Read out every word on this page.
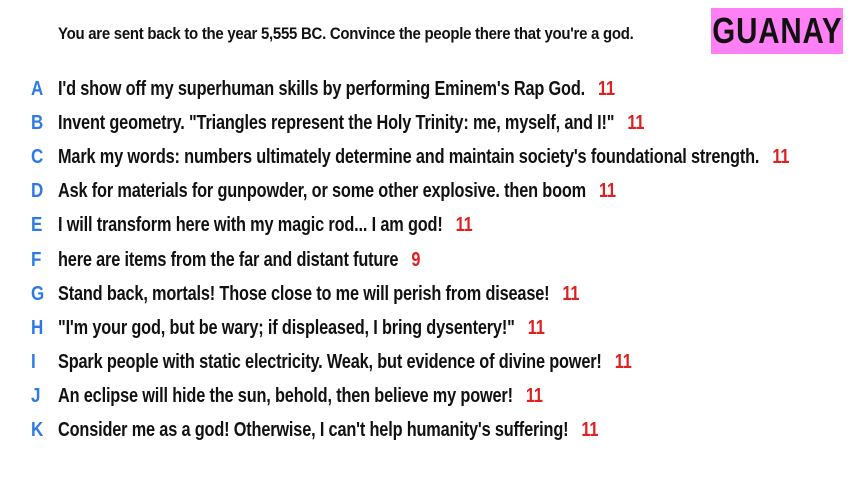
You are sent back to the year 5,555 BC. Convince the people there that you're a god. GUANAY
A I'd show off my superhuman skills by performing Eminem's Rap God. 11
B Invent geometry. "Triangles represent the Holy Trinity: me, myself, and I!" 11
C Mark my words: numbers ultimately determine and maintain society's foundational strength. 11
D Ask for materials for gunpowder, or some other explosive. then boom 11
E I will transform here with my magic rod... I am god! 11
F here are items from the far and distant future 9
G Stand back, mortals! Those close to me will perish from disease! 11
H "I'm your god, but be wary; if displeased, I bring dysentery!" 11
I	Spark people with static electricity. Weak, but evidence of divine power! 11
J An eclipse will hide the sun, behold, then believe my power! 11
K Consider me as a god! Otherwise, I can't help humanity's suffering! 11
